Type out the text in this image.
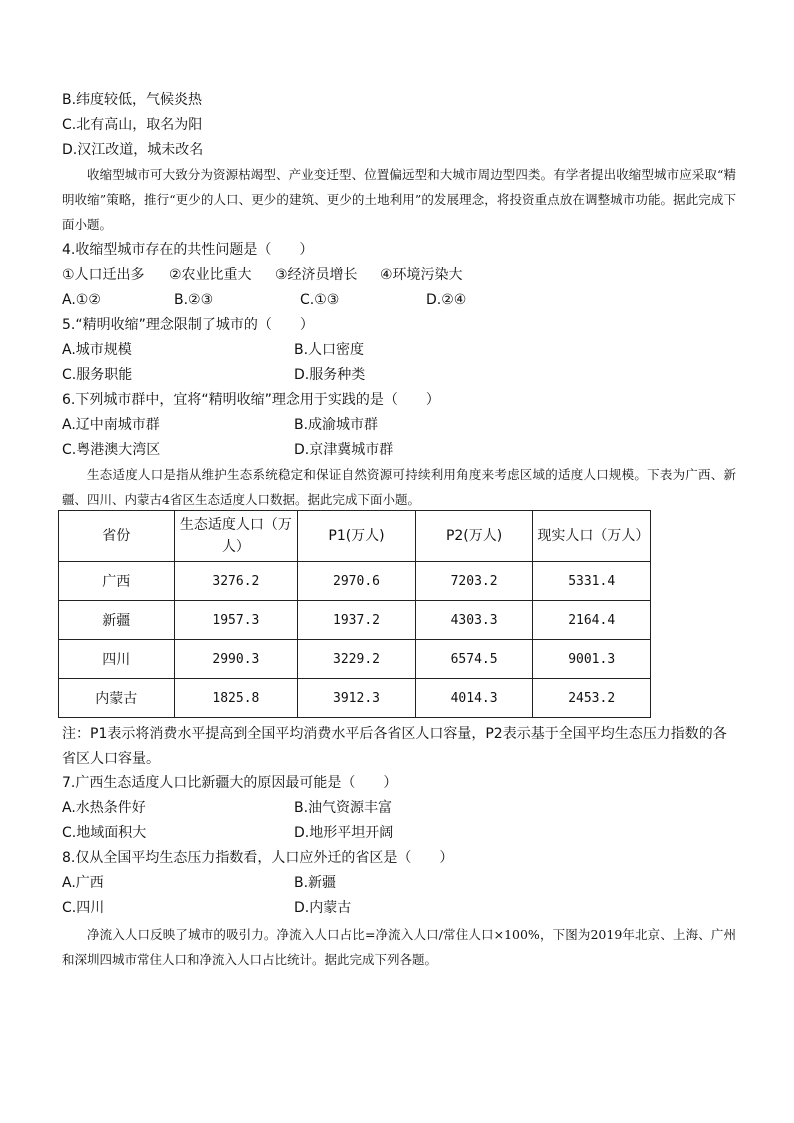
B.纬度较低，气候炎热
C.北有高山，取名为阳
D.汉江改道，城未改名
收缩型城市可大致分为资源枯竭型、产业变迁型、位置偏远型和大城市周边型四类。有学者提出收缩型城市应采取“精明收缩”策略，推行“更少的人口、更少的建筑、更少的土地利用”的发展理念，将投资重点放在调整城市功能。据此完成下面小题。
4.收缩型城市存在的共性问题是（　　）
①人口迁出多 ②农业比重大 ③经济员增长 ④环境污染大
A.①②	B.②③	C.①③	D.②④
5.“精明收缩”理念限制了城市的（　　）
A.城市规模	B.人口密度
C.服务职能	D.服务种类
6.下列城市群中，宜将“精明收缩”理念用于实践的是（　　）
A.辽中南城市群	B.成渝城市群
C.粤港澳大湾区	D.京津冀城市群
生态适度人口是指从维护生态系统稳定和保证自然资源可持续利用角度来考虑区域的适度人口规模。下表为广西、新疆、四川、内蒙古4省区生态适度人口数据。据此完成下面小题。
省份	生态适度人口（万人）	P1(万人)	P2(万人)	现实人口（万人）
广西	3276.2	2970.6	7203.2	5331.4
新疆	1957.3	1937.2	4303.3	2164.4
四川	2990.3	3229.2	6574.5	9001.3
内蒙古	1825.8	3912.3	4014.3	2453.2
注：P1表示将消费水平提高到全国平均消费水平后各省区人口容量，P2表示基于全国平均生态压力指数的各省区人口容量。
7.广西生态适度人口比新疆大的原因最可能是（　　）
A.水热条件好	B.油气资源丰富
C.地域面积大	D.地形平坦开阔
8.仅从全国平均生态压力指数看，人口应外迁的省区是（　　）
A.广西	B.新疆
C.四川	D.内蒙古
净流入人口反映了城市的吸引力。净流入人口占比=净流入人口/常住人口×100%，下图为2019年北京、上海、广州和深圳四城市常住人口和净流入人口占比统计。据此完成下列各题。
